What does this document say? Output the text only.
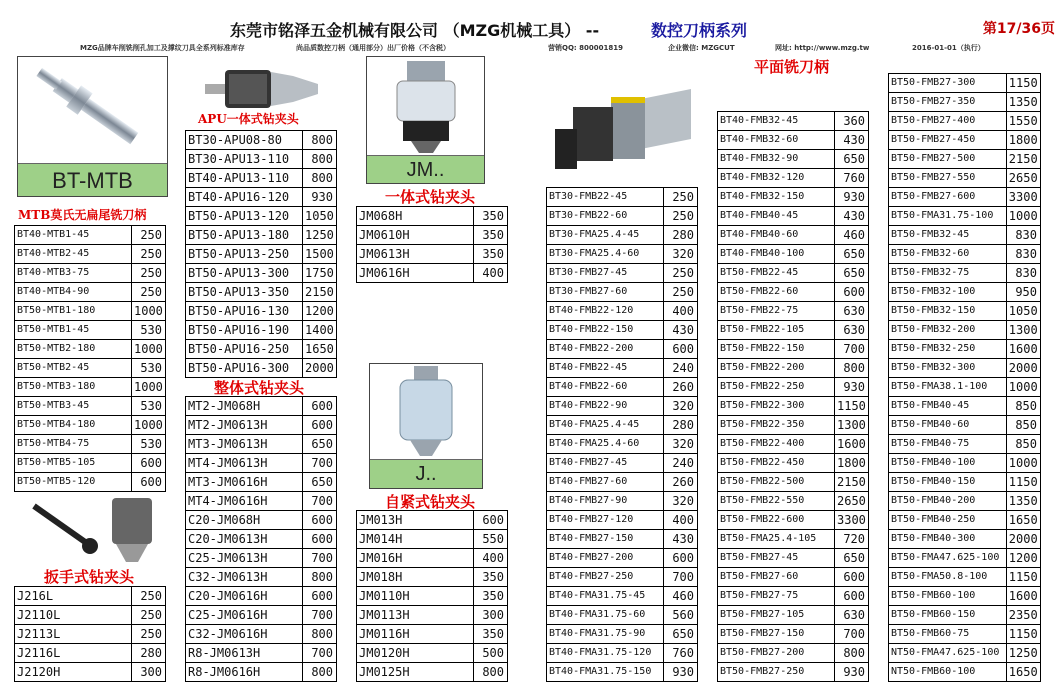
东莞市铭泽五金机械有限公司 （MZG机械工具） --	数控刀柄系列	第17/36页
MZG品牌车削铣削孔加工及撑纹刀具全系列标准库存	尚品质数控刀柄（通用部分）出厂价格（不含税）	营销QQ: 800001819	企业微信: MZGCUT	网址: http://www.mzg.tw	2016-01-01（执行）
BT-MTB	JM..
J..
MTB莫氏无扁尾铣刀柄
APU一体式钻夹头
一体式钻夹头
整体式钻夹头
自紧式钻夹头
扳手式钻夹头
平面铣刀柄
BT40-MTB1-45	250
BT40-MTB2-45	250
BT40-MTB3-75	250
BT40-MTB4-90	250
BT50-MTB1-180	1000
BT50-MTB1-45	530
BT50-MTB2-180	1000
BT50-MTB2-45	530
BT50-MTB3-180	1000
BT50-MTB3-45	530
BT50-MTB4-180	1000
BT50-MTB4-75	530
BT50-MTB5-105	600
BT50-MTB5-120	600
J216L	250
J2110L	250
J2113L	250
J2116L	280
J2120H	300
BT30-APU08-80	800
BT30-APU13-110	800
BT40-APU13-110	800
BT40-APU16-120	930
BT50-APU13-120	1050
BT50-APU13-180	1250
BT50-APU13-250	1500
BT50-APU13-300	1750
BT50-APU13-350	2150
BT50-APU16-130	1200
BT50-APU16-190	1400
BT50-APU16-250	1650
BT50-APU16-300	2000
MT2-JM068H	600
MT2-JM0613H	600
MT3-JM0613H	650
MT4-JM0613H	700
MT3-JM0616H	650
MT4-JM0616H	700
C20-JM068H	600
C20-JM0613H	600
C25-JM0613H	700
C32-JM0613H	800
C20-JM0616H	600
C25-JM0616H	700
C32-JM0616H	800
R8-JM0613H	700
R8-JM0616H	800
JM068H	350
JM0610H	350
JM0613H	350
JM0616H	400
JM013H	600
JM014H	550
JM016H	400
JM018H	350
JM0110H	350
JM0113H	300
JM0116H	350
JM0120H	500
JM0125H	800
BT30-FMB22-45	250
BT30-FMB22-60	250
BT30-FMA25.4-45	280
BT30-FMA25.4-60	320
BT30-FMB27-45	250
BT30-FMB27-60	250
BT40-FMB22-120	400
BT40-FMB22-150	430
BT40-FMB22-200	600
BT40-FMB22-45	240
BT40-FMB22-60	260
BT40-FMB22-90	320
BT40-FMA25.4-45	280
BT40-FMA25.4-60	320
BT40-FMB27-45	240
BT40-FMB27-60	260
BT40-FMB27-90	320
BT40-FMB27-120	400
BT40-FMB27-150	430
BT40-FMB27-200	600
BT40-FMB27-250	700
BT40-FMA31.75-45	460
BT40-FMA31.75-60	560
BT40-FMA31.75-90	650
BT40-FMA31.75-120	760
BT40-FMA31.75-150	930
BT40-FMB32-45	360
BT40-FMB32-60	430
BT40-FMB32-90	650
BT40-FMB32-120	760
BT40-FMB32-150	930
BT40-FMB40-45	430
BT40-FMB40-60	460
BT40-FMB40-100	650
BT50-FMB22-45	650
BT50-FMB22-60	600
BT50-FMB22-75	630
BT50-FMB22-105	630
BT50-FMB22-150	700
BT50-FMB22-200	800
BT50-FMB22-250	930
BT50-FMB22-300	1150
BT50-FMB22-350	1300
BT50-FMB22-400	1600
BT50-FMB22-450	1800
BT50-FMB22-500	2150
BT50-FMB22-550	2650
BT50-FMB22-600	3300
BT50-FMA25.4-105	720
BT50-FMB27-45	650
BT50-FMB27-60	600
BT50-FMB27-75	600
BT50-FMB27-105	630
BT50-FMB27-150	700
BT50-FMB27-200	800
BT50-FMB27-250	930
BT50-FMB27-300	1150
BT50-FMB27-350	1350
BT50-FMB27-400	1550
BT50-FMB27-450	1800
BT50-FMB27-500	2150
BT50-FMB27-550	2650
BT50-FMB27-600	3300
BT50-FMA31.75-100	1000
BT50-FMB32-45	830
BT50-FMB32-60	830
BT50-FMB32-75	830
BT50-FMB32-100	950
BT50-FMB32-150	1050
BT50-FMB32-200	1300
BT50-FMB32-250	1600
BT50-FMB32-300	2000
BT50-FMA38.1-100	1000
BT50-FMB40-45	850
BT50-FMB40-60	850
BT50-FMB40-75	850
BT50-FMB40-100	1000
BT50-FMB40-150	1150
BT50-FMB40-200	1350
BT50-FMB40-250	1650
BT50-FMB40-300	2000
BT50-FMA47.625-100	1200
BT50-FMA50.8-100	1150
BT50-FMB60-100	1600
BT50-FMB60-150	2350
BT50-FMB60-75	1150
NT50-FMA47.625-100	1250
NT50-FMB60-100	1650
